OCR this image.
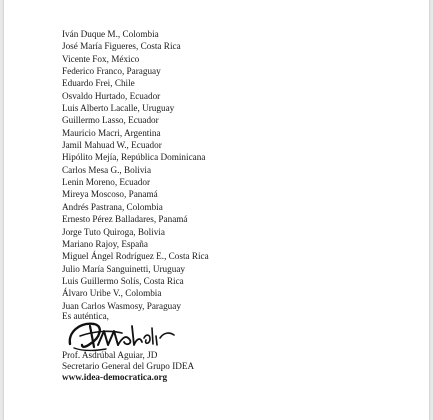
Iván Duque M., Colombia
José María Figueres, Costa Rica
Vicente Fox, México
Federico Franco, Paraguay
Eduardo Frei, Chile
Osvaldo Hurtado, Ecuador
Luis Alberto Lacalle, Uruguay
Guillermo Lasso, Ecuador
Mauricio Macri, Argentina
Jamil Mahuad W., Ecuador
Hipólito Mejía, República Dominicana
Carlos Mesa G., Bolivia
Lenin Moreno, Ecuador
Mireya Moscoso, Panamá
Andrés Pastrana, Colombia
Ernesto Pérez Balladares, Panamá
Jorge Tuto Quiroga, Bolivia
Mariano Rajoy, España
Miguel Ángel Rodríguez E., Costa Rica
Julio María Sanguinetti, Uruguay
Luis Guillermo Solís, Costa Rica
Álvaro Uribe V., Colombia
Juan Carlos Wasmosy, Paraguay
Es auténtica,
Prof. Asdrúbal Aguiar, JD
Secretario General del Grupo IDEA
www.idea-democratica.org
